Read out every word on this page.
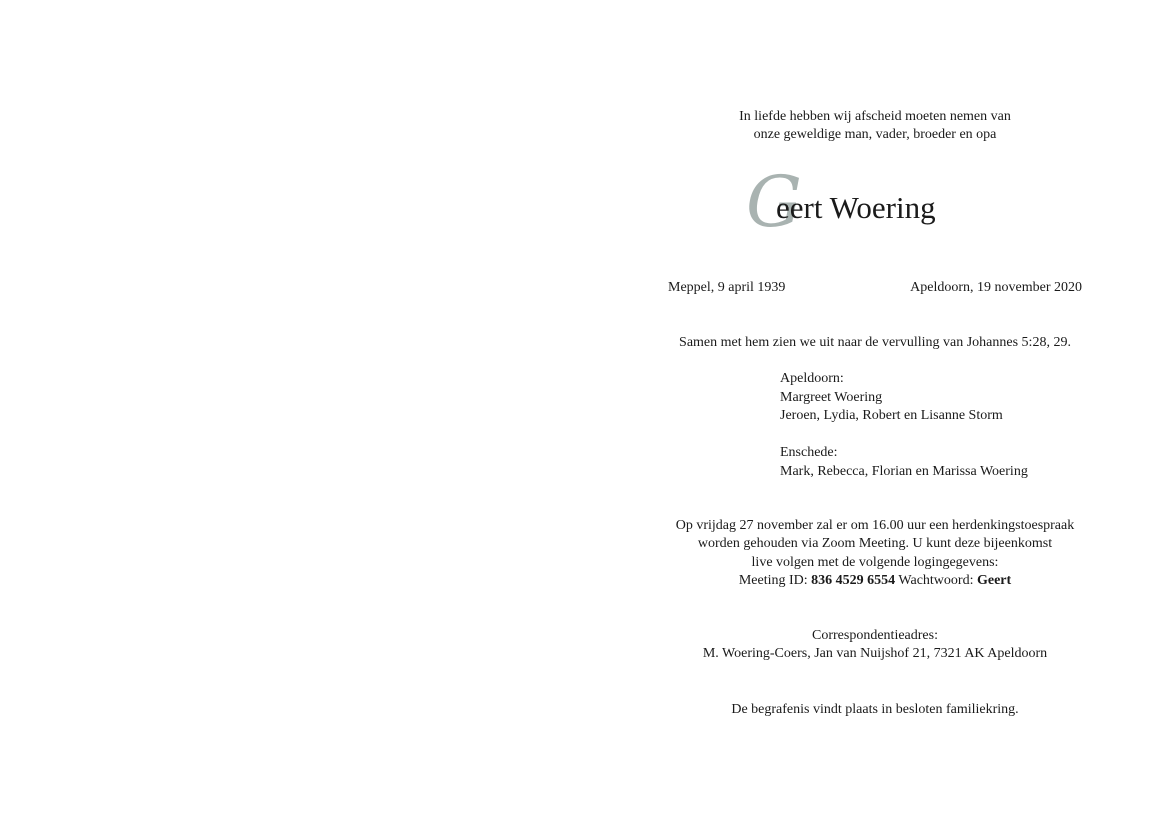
In liefde hebben wij afscheid moeten nemen van
onze geweldige man, vader, broeder en opa
G
eert Woering
Meppel, 9 april 1939	Apeldoorn, 19 november 2020
Samen met hem zien we uit naar de vervulling van Johannes 5:28, 29.
Apeldoorn:
Margreet Woering
Jeroen, Lydia, Robert en Lisanne Storm
Enschede:
Mark, Rebecca, Florian en Marissa Woering
Op vrijdag 27 november zal er om 16.00 uur een herdenkingstoespraak
worden gehouden via Zoom Meeting. U kunt deze bijeenkomst
live volgen met de volgende logingegevens:
Meeting ID: 836 4529 6554 Wachtwoord: Geert
Correspondentieadres:
M. Woering-Coers, Jan van Nuijshof 21, 7321 AK Apeldoorn
De begrafenis vindt plaats in besloten familiekring.
